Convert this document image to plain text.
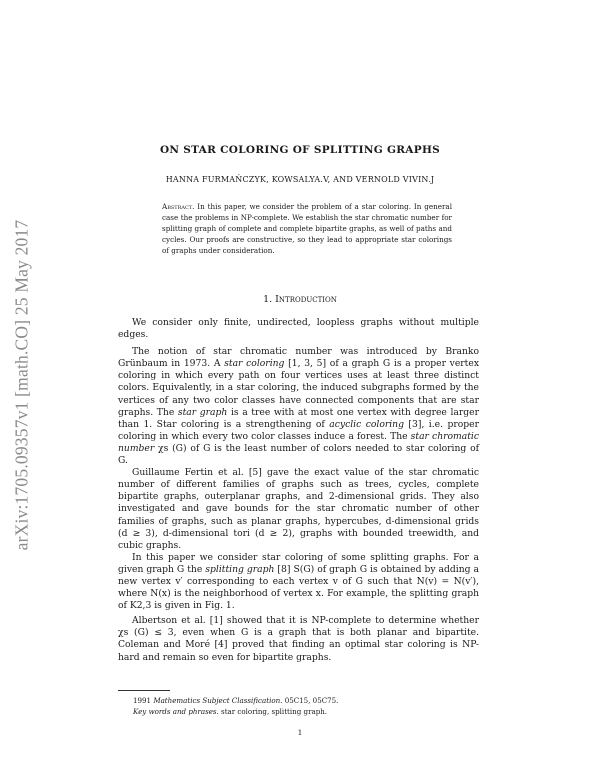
arXiv:1705.09357v1 [math.CO] 25 May 2017
ON STAR COLORING OF SPLITTING GRAPHS
HANNA FURMAŃCZYK, KOWSALYA.V, AND VERNOLD VIVIN.J
Abstract. In this paper, we consider the problem of a star coloring. In general case the problems in NP-complete. We establish the star chromatic number for splitting graph of complete and complete bipartite graphs, as well of paths and cycles. Our proofs are constructive, so they lead to appropriate star colorings of graphs under consideration.
1. Introduction

We consider only finite, undirected, loopless graphs without multiple edges.

The notion of star chromatic number was introduced by Branko Grünbaum in 1973. A star coloring [1, 3, 5] of a graph G is a proper vertex coloring in which every path on four vertices uses at least three distinct colors. Equivalently, in a star coloring, the induced subgraphs formed by the vertices of any two color classes have connected components that are star graphs. The star graph is a tree with at most one vertex with degree larger than 1. Star coloring is a strengthening of acyclic coloring [3], i.e. proper coloring in which every two color classes induce a forest. The star chromatic number χs (G) of G is the least number of colors needed to star coloring of G.

Guillaume Fertin et al. [5] gave the exact value of the star chromatic number of different families of graphs such as trees, cycles, complete bipartite graphs, outerplanar graphs, and 2-dimensional grids. They also investigated and gave bounds for the star chromatic number of other families of graphs, such as planar graphs, hypercubes, d-dimensional grids (d ≥ 3), d-dimensional tori (d ≥ 2), graphs with bounded treewidth, and cubic graphs.

In this paper we consider star coloring of some splitting graphs. For a given graph G the splitting graph [8] S(G) of graph G is obtained by adding a new vertex v′ corresponding to each vertex v of G such that N(v) = N(v′), where N(x) is the neighborhood of vertex x. For example, the splitting graph of K2,3 is given in Fig. 1.

Albertson et al. [1] showed that it is NP-complete to determine whether χs (G) ≤ 3, even when G is a graph that is both planar and bipartite. Coleman and Moré [4] proved that finding an optimal star coloring is NP-hard and remain so even for bipartite graphs.

1991 Mathematics Subject Classification. 05C15, 05C75.
Key words and phrases. star coloring, splitting graph.
1
